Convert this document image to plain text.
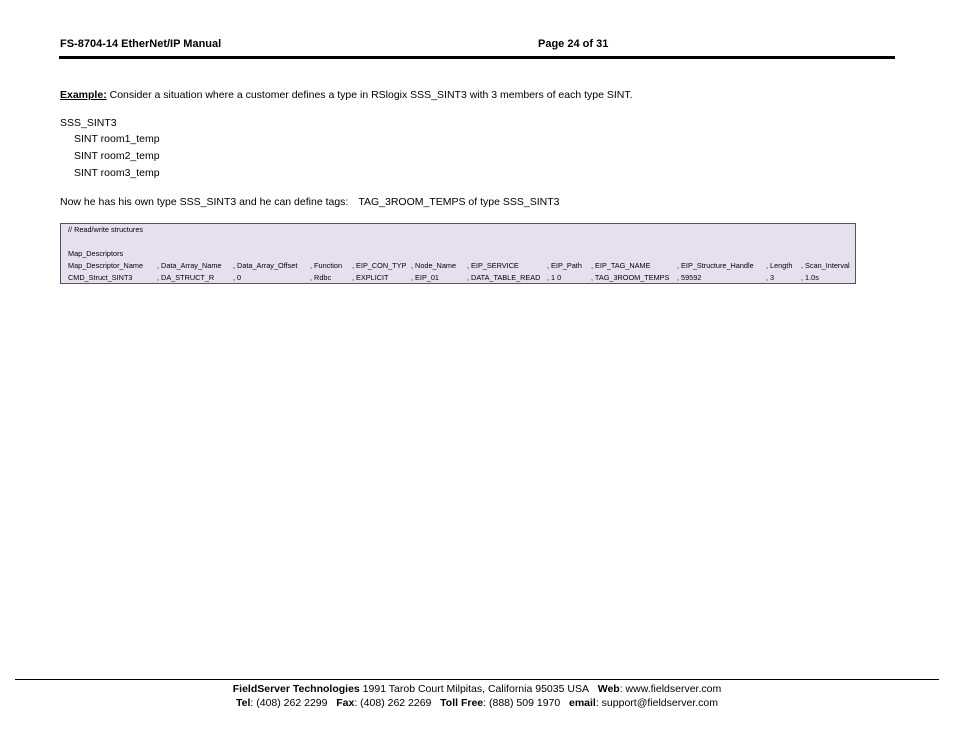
FS-8704-14 EtherNet/IP Manual	Page 24 of 31
Example: Consider a situation where a customer defines a type in RSlogix SSS_SINT3 with 3 members of each type SINT.
SSS_SINT3
SINT room1_temp
SINT room2_temp
SINT room3_temp
Now he has his own type SSS_SINT3 and he can define tags: TAG_3ROOM_TEMPS of type SSS_SINT3
// Read/write structures
Map_Descriptors
Map_Descriptor_Name , Data_Array_Name , Data_Array_Offset , Function , EIP_CON_TYP , Node_Name , EIP_SERVICE	, EIP_Path , EIP_TAG_NAME	, EIP_Structure_Handle , Length , Scan_Interval
CMD_Struct_SINT3	, DA_STRUCT_R	, 0	, Rdbc	, EXPLICIT	, EIP_01	, DATA_TABLE_READ , 1 0	, TAG_3ROOM_TEMPS , 59592	, 3	, 1.0s
FieldServer Technologies 1991 Tarob Court Milpitas, California 95035 USA Web: www.fieldserver.com
Tel: (408) 262 2299 Fax: (408) 262 2269 Toll Free: (888) 509 1970 email: support@fieldserver.com
